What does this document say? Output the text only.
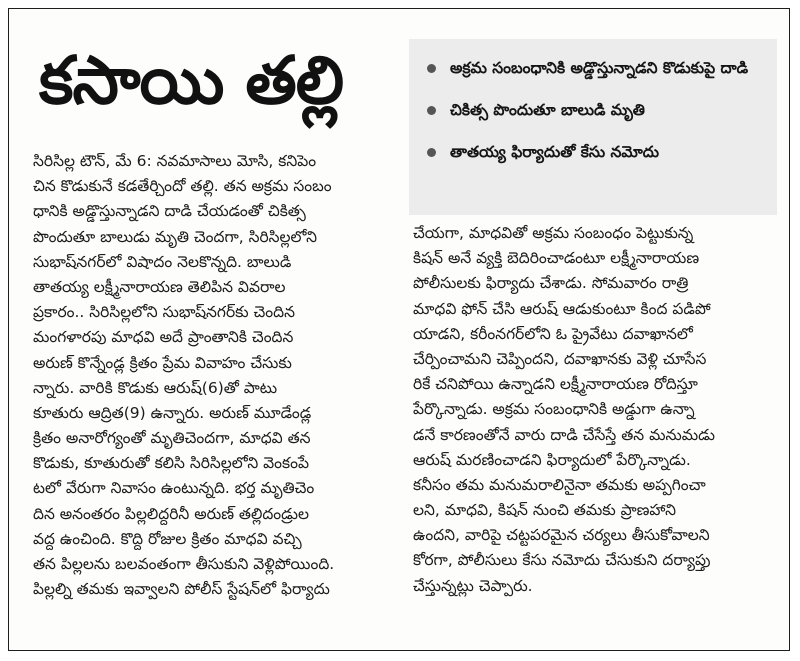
కసాయి తల్లి	అక్రమ సంబంధానికి అడ్డొస్తున్నాడని కొడుకుపై దాడి
చికిత్స పొందుతూ బాలుడి మృతి
తాతయ్య ఫిర్యాదుతో కేసు నమోదు
సిరిసిల్ల టౌన్, మే 6: నవమాసాలు మోసి, కనిపెం
చిన కొడుకునే కడతేర్చిందో తల్లి. తన అక్రమ సంబం
ధానికి అడ్డొస్తున్నాడని దాడి చేయడంతో చికిత్స
పొందుతూ బాలుడు మృతి చెందగా, సిరిసిల్లలోని
సుభాష్‌నగర్‌లో విషాదం నెలకొన్నది. బాలుడి
తాతయ్య లక్ష్మీనారాయణ తెలిపిన వివరాల
ప్రకారం.. సిరిసిల్లలోని సుభాష్‌నగర్‌కు చెందిన
మంగళారపు మాధవి అదే ప్రాంతానికి చెందిన
అరుణ్ కొన్నేండ్ల క్రితం ప్రేమ వివాహం చేసుకు
న్నారు. వారికి కొడుకు ఆరుష్(6)తో పాటు
కూతురు ఆద్రిత(9) ఉన్నారు. అరుణ్ మూడేండ్ల
క్రితం అనారోగ్యంతో మృతిచెందగా, మాధవి తన
కొడుకు, కూతురుతో కలిసి సిరిసిల్లలోని వెంకంపే
టలో వేరుగా నివాసం ఉంటున్నది. భర్త మృతిచెం
దిన అనంతరం పిల్లలిద్దరినీ అరుణ్ తల్లిదండ్రుల
వద్ద ఉంచింది. కొద్ది రోజుల క్రితం మాధవి వచ్చి
తన పిల్లలను బలవంతంగా తీసుకుని వెళ్లిపోయింది.
పిల్లల్ని తమకు ఇవ్వాలని పోలీస్ స్టేషన్‌లో ఫిర్యాదు
చేయగా, మాధవితో అక్రమ సంబంధం పెట్టుకున్న
కిషన్ అనే వ్యక్తి బెదిరించాడంటూ లక్ష్మీనారాయణ
పోలీసులకు ఫిర్యాదు చేశాడు. సోమవారం రాత్రి
మాధవి ఫోన్ చేసి ఆరుష్ ఆడుకుంటూ కింద పడిపో
యాడని, కరీంనగర్‌లోని ఓ ప్రైవేటు దవాఖానలో
చేర్పించామని చెప్పిందని, దవాఖానకు వెళ్లి చూసేస
రికే చనిపోయి ఉన్నాడని లక్ష్మీనారాయణ రోదిస్తూ
పేర్కొన్నాడు. అక్రమ సంబంధానికి అడ్డుగా ఉన్నా
డనే కారణంతోనే వారు దాడి చేసేస్తే తన మనుమడు
ఆరుష్ మరణించాడని ఫిర్యాదులో పేర్కొన్నాడు.
కనీసం తమ మనుమరాలినైనా తమకు అప్పగించా
లని, మాధవి, కిషన్ నుంచి తమకు ప్రాణహాని
ఉందని, వారిపై చట్టపరమైన చర్యలు తీసుకోవాలని
కోరగా, పోలీసులు కేసు నమోదు చేసుకుని దర్యాప్తు
చేస్తున్నట్లు చెప్పారు.
